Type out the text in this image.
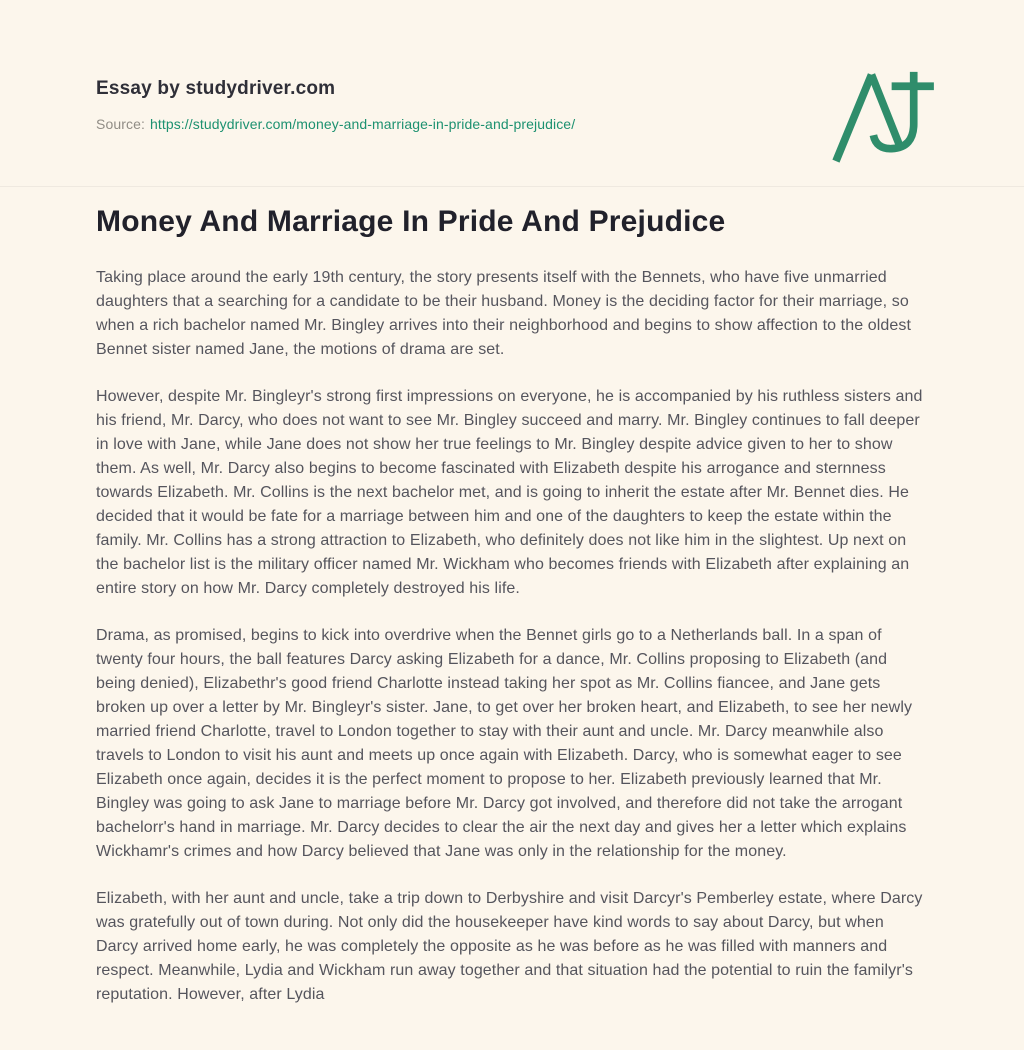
Essay by studydriver.com
Source: https://studydriver.com/money-and-marriage-in-pride-and-prejudice/
Money And Marriage In Pride And Prejudice

Taking place around the early 19th century, the story presents itself with the Bennets, who have five unmarried daughters that a searching for a candidate to be their husband. Money is the deciding factor for their marriage, so when a rich bachelor named Mr. Bingley arrives into their neighborhood and begins to show affection to the oldest Bennet sister named Jane, the motions of drama are set.

However, despite Mr. Bingleyr's strong first impressions on everyone, he is accompanied by his ruthless sisters and his friend, Mr. Darcy, who does not want to see Mr. Bingley succeed and marry. Mr. Bingley continues to fall deeper in love with Jane, while Jane does not show her true feelings to Mr. Bingley despite advice given to her to show them. As well, Mr. Darcy also begins to become fascinated with Elizabeth despite his arrogance and sternness towards Elizabeth. Mr. Collins is the next bachelor met, and is going to inherit the estate after Mr. Bennet dies. He decided that it would be fate for a marriage between him and one of the daughters to keep the estate within the family. Mr. Collins has a strong attraction to Elizabeth, who definitely does not like him in the slightest. Up next on the bachelor list is the military officer named Mr. Wickham who becomes friends with Elizabeth after explaining an entire story on how Mr. Darcy completely destroyed his life.

Drama, as promised, begins to kick into overdrive when the Bennet girls go to a Netherlands ball. In a span of twenty four hours, the ball features Darcy asking Elizabeth for a dance, Mr. Collins proposing to Elizabeth (and being denied), Elizabethr's good friend Charlotte instead taking her spot as Mr. Collins fiancee, and Jane gets broken up over a letter by Mr. Bingleyr's sister. Jane, to get over her broken heart, and Elizabeth, to see her newly married friend Charlotte, travel to London together to stay with their aunt and uncle. Mr. Darcy meanwhile also travels to London to visit his aunt and meets up once again with Elizabeth. Darcy, who is somewhat eager to see Elizabeth once again, decides it is the perfect moment to propose to her. Elizabeth previously learned that Mr. Bingley was going to ask Jane to marriage before Mr. Darcy got involved, and therefore did not take the arrogant bachelorr's hand in marriage. Mr. Darcy decides to clear the air the next day and gives her a letter which explains Wickhamr's crimes and how Darcy believed that Jane was only in the relationship for the money.

Elizabeth, with her aunt and uncle, take a trip down to Derbyshire and visit Darcyr's Pemberley estate, where Darcy was gratefully out of town during. Not only did the housekeeper have kind words to say about Darcy, but when Darcy arrived home early, he was completely the opposite as he was before as he was filled with manners and respect. Meanwhile, Lydia and Wickham run away together and that situation had the potential to ruin the familyr's reputation. However, after Lydia
